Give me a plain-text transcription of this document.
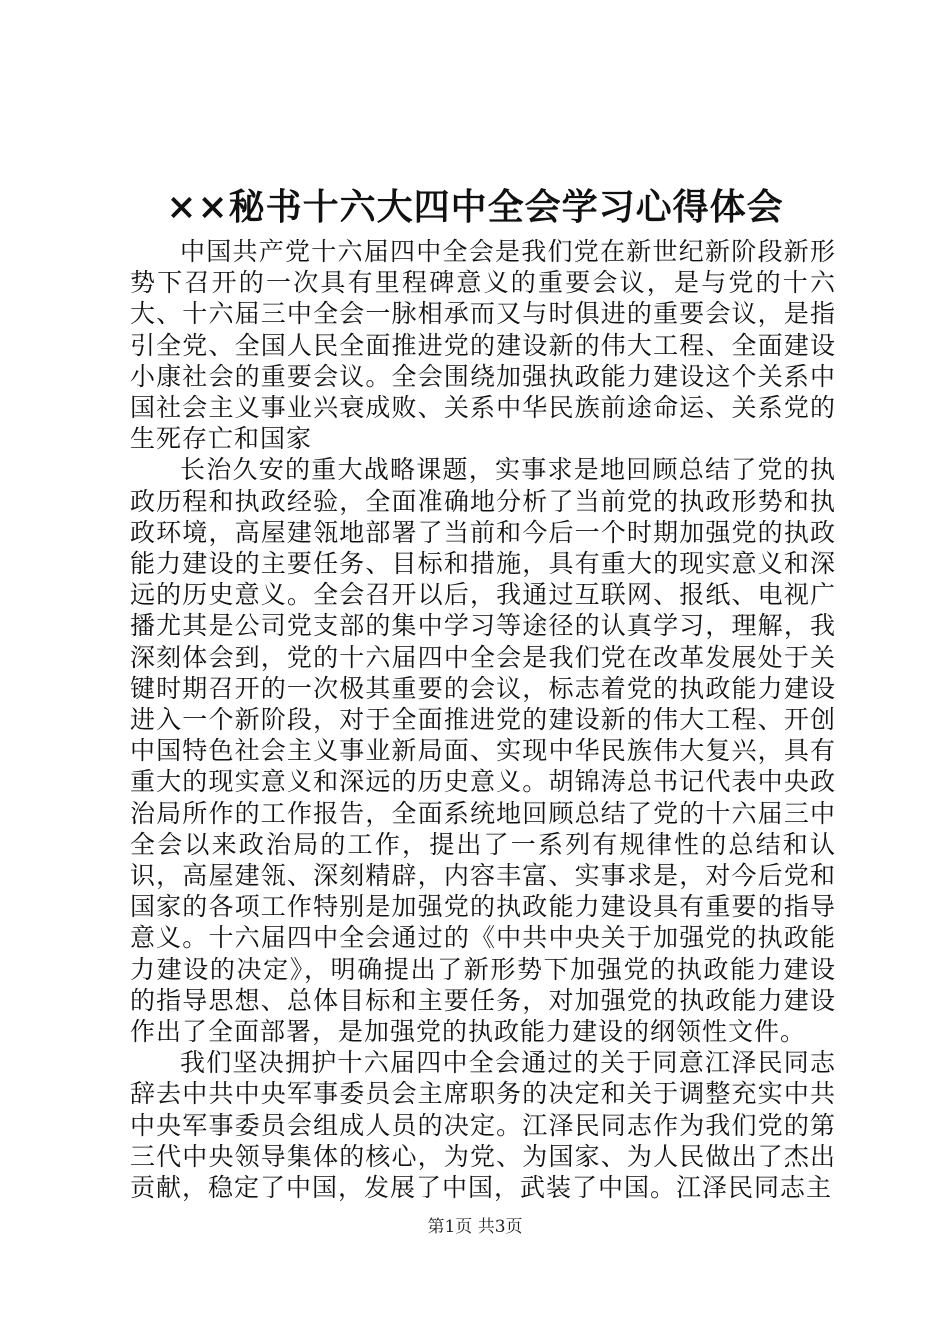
××秘书十六大四中全会学习心得体会

中国共产党十六届四中全会是我们党在新世纪新阶段新形势下召开的一次具有里程碑意义的重要会议，是与党的十六大、十六届三中全会一脉相承而又与时俱进的重要会议，是指引全党、全国人民全面推进党的建设新的伟大工程、全面建设小康社会的重要会议。全会围绕加强执政能力建设这个关系中国社会主义事业兴衰成败、关系中华民族前途命运、关系党的生死存亡和国家

长治久安的重大战略课题，实事求是地回顾总结了党的执政历程和执政经验，全面准确地分析了当前党的执政形势和执政环境，高屋建瓴地部署了当前和今后一个时期加强党的执政能力建设的主要任务、目标和措施，具有重大的现实意义和深远的历史意义。全会召开以后，我通过互联网、报纸、电视广播尤其是公司党支部的集中学习等途径的认真学习，理解，我深刻体会到，党的十六届四中全会是我们党在改革发展处于关键时期召开的一次极其重要的会议，标志着党的执政能力建设进入一个新阶段，对于全面推进党的建设新的伟大工程、开创中国特色社会主义事业新局面、实现中华民族伟大复兴，具有重大的现实意义和深远的历史意义。胡锦涛总书记代表中央政治局所作的工作报告，全面系统地回顾总结了党的十六届三中全会以来政治局的工作，提出了一系列有规律性的总结和认识，高屋建瓴、深刻精辟，内容丰富、实事求是，对今后党和国家的各项工作特别是加强党的执政能力建设具有重要的指导意义。十六届四中全会通过的《中共中央关于加强党的执政能力建设的决定》，明确提出了新形势下加强党的执政能力建设的指导思想、总体目标和主要任务，对加强党的执政能力建设作出了全面部署，是加强党的执政能力建设的纲领性文件。

我们坚决拥护十六届四中全会通过的关于同意江泽民同志辞去中共中央军事委员会主席职务的决定和关于调整充实中共中央军事委员会组成人员的决定。江泽民同志作为我们党的第三代中央领导集体的核心，为党、为国家、为人民做出了杰出贡献，稳定了中国，发展了中国，武装了中国。江泽民同志主

第1页 共3页
